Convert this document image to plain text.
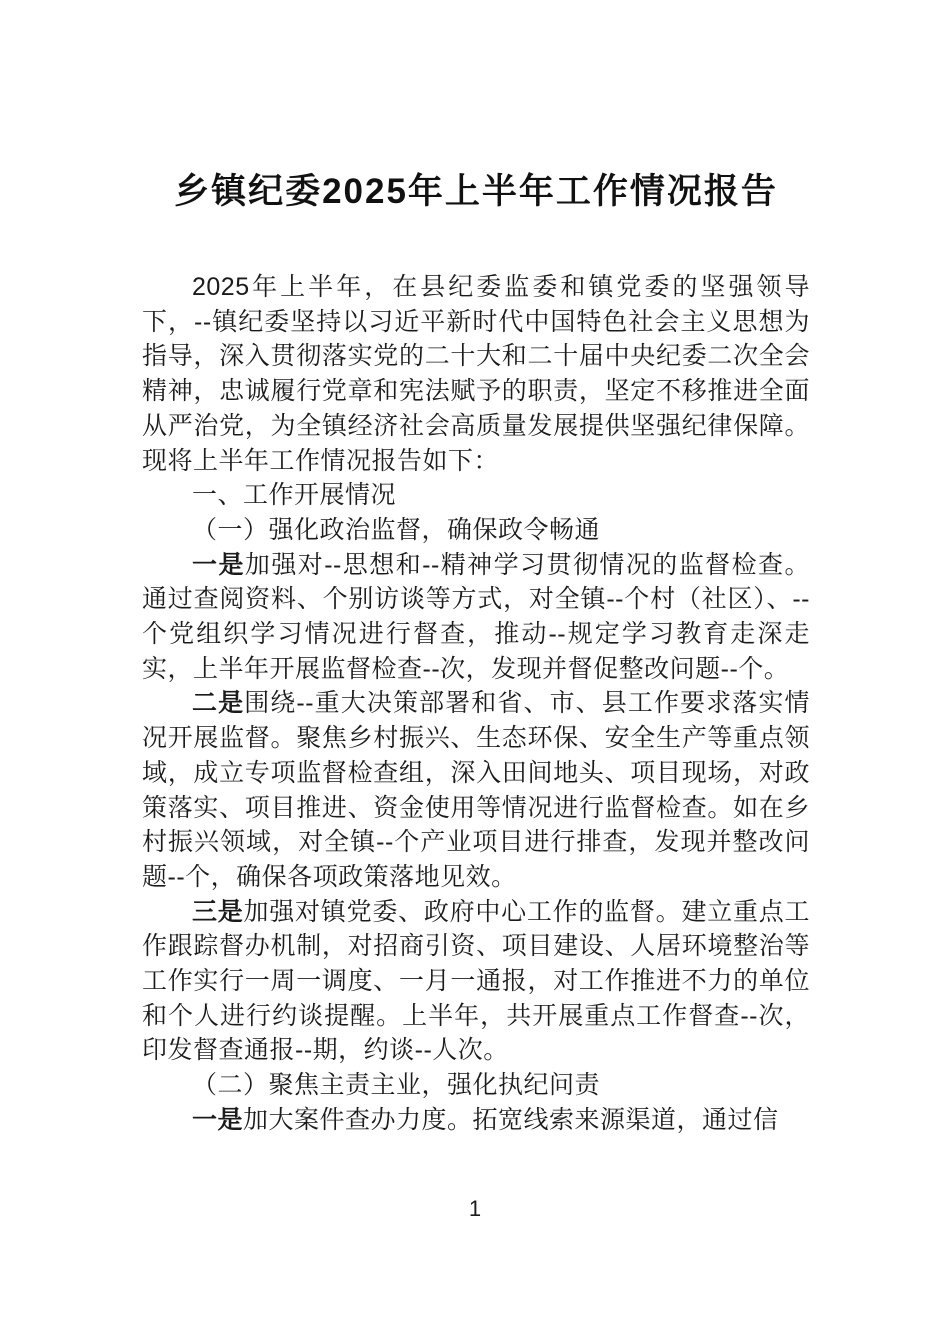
乡镇纪委2025年上半年工作情况报告

2025年上半年，在县纪委监委和镇党委的坚强领导下，--镇纪委坚持以习近平新时代中国特色社会主义思想为指导，深入贯彻落实党的二十大和二十届中央纪委二次全会精神，忠诚履行党章和宪法赋予的职责，坚定不移推进全面从严治党，为全镇经济社会高质量发展提供坚强纪律保障。现将上半年工作情况报告如下：

一、工作开展情况

（一）强化政治监督，确保政令畅通

一是加强对--思想和--精神学习贯彻情况的监督检查。通过查阅资料、个别访谈等方式，对全镇--个村（社区）、--个党组织学习情况进行督查，推动--规定学习教育走深走实，上半年开展监督检查--次，发现并督促整改问题--个。

二是围绕--重大决策部署和省、市、县工作要求落实情况开展监督。聚焦乡村振兴、生态环保、安全生产等重点领域，成立专项监督检查组，深入田间地头、项目现场，对政策落实、项目推进、资金使用等情况进行监督检查。如在乡村振兴领域，对全镇--个产业项目进行排查，发现并整改问题--个，确保各项政策落地见效。

三是加强对镇党委、政府中心工作的监督。建立重点工作跟踪督办机制，对招商引资、项目建设、人居环境整治等工作实行一周一调度、一月一通报，对工作推进不力的单位和个人进行约谈提醒。上半年，共开展重点工作督查--次，印发督查通报--期，约谈--人次。

（二）聚焦主责主业，强化执纪问责

一是加大案件查办力度。拓宽线索来源渠道，通过信

1
